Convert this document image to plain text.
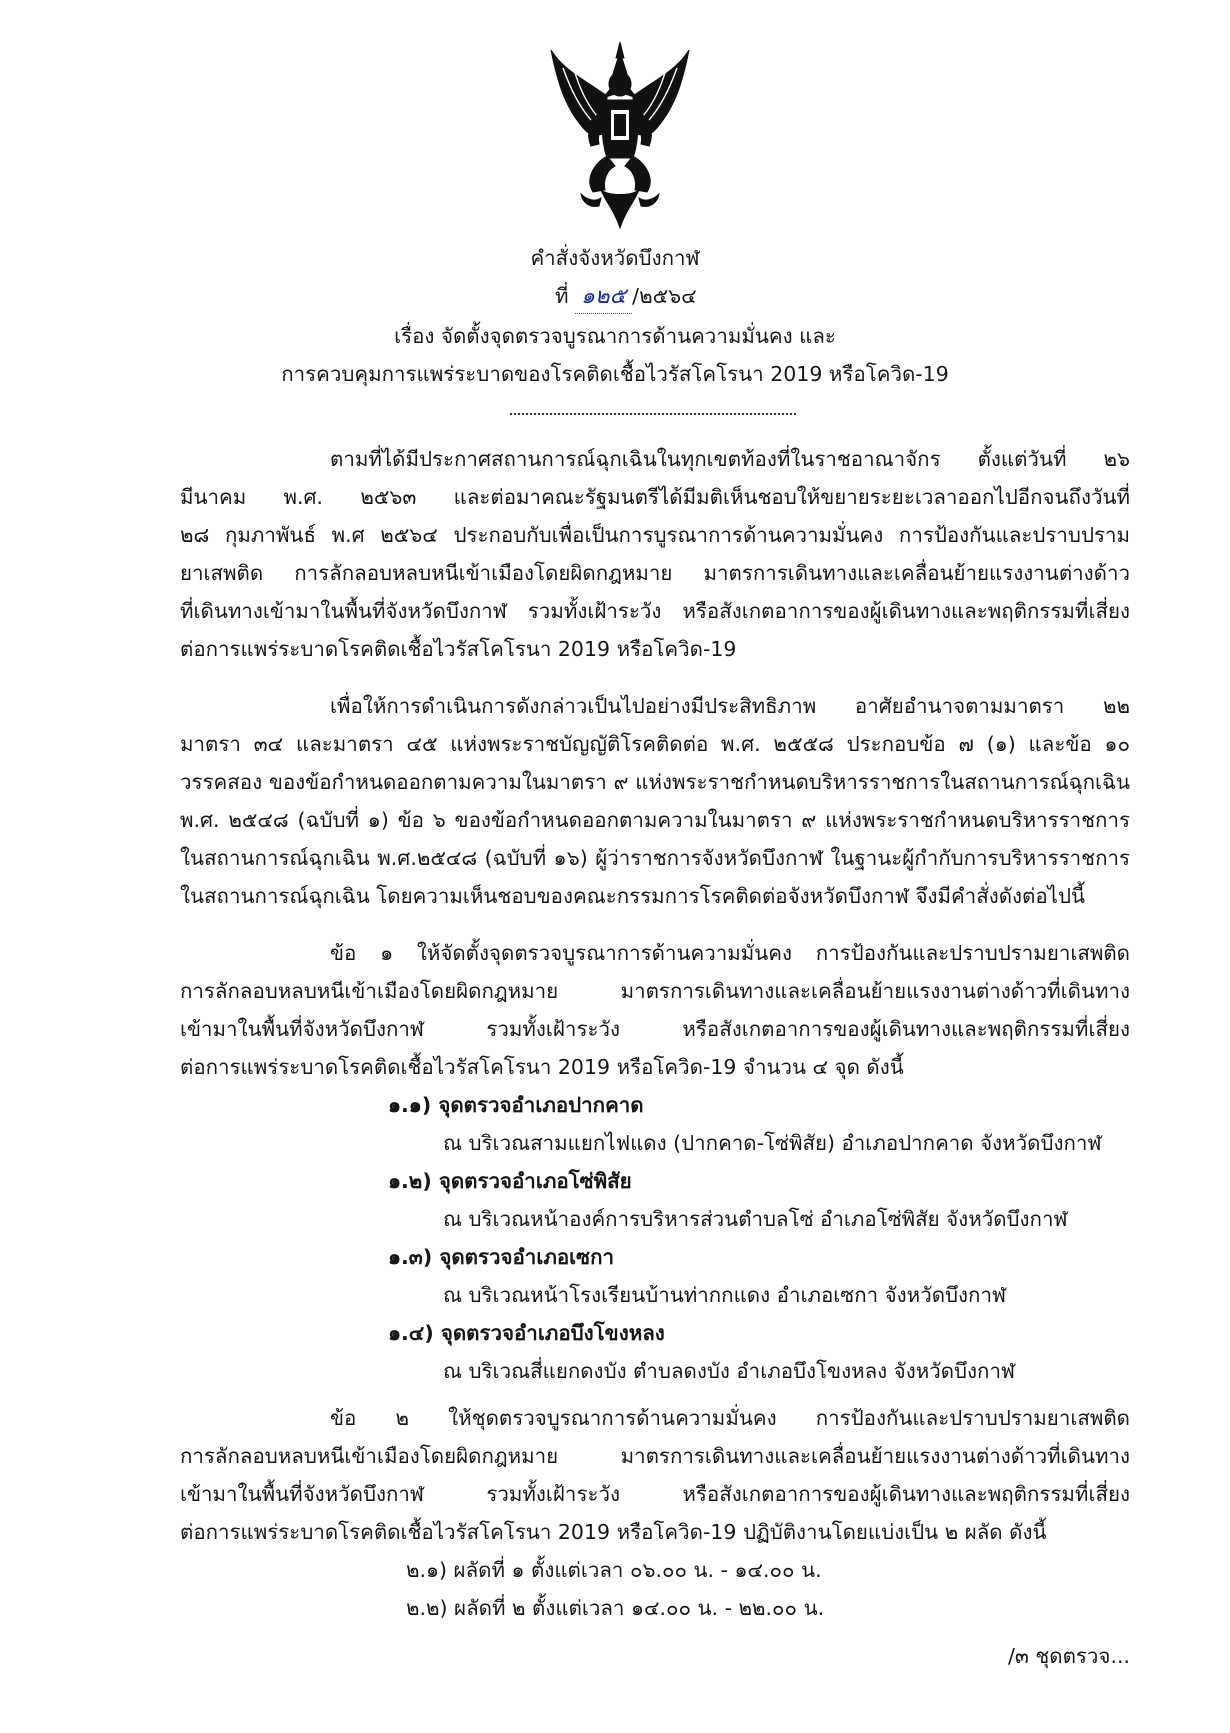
คำสั่งจังหวัดบึงกาฬ
ที่ ๑๒๕ /๒๕๖๔
เรื่อง จัดตั้งจุดตรวจบูรณาการด้านความมั่นคง และ
การควบคุมการแพร่ระบาดของโรคติดเชื้อไวรัสโคโรนา 2019 หรือโควิด-19
ตามที่ได้มีประกาศสถานการณ์ฉุกเฉินในทุกเขตท้องที่ในราชอาณาจักร ตั้งแต่วันที่ ๒๖
มีนาคม พ.ศ. ๒๕๖๓ และต่อมาคณะรัฐมนตรีได้มีมติเห็นชอบให้ขยายระยะเวลาออกไปอีกจนถึงวันที่
๒๘ กุมภาพันธ์ พ.ศ ๒๕๖๔ ประกอบกับเพื่อเป็นการบูรณาการด้านความมั่นคง การป้องกันและปราบปราม
ยาเสพติด การลักลอบหลบหนีเข้าเมืองโดยผิดกฎหมาย มาตรการเดินทางและเคลื่อนย้ายแรงงานต่างด้าว
ที่เดินทางเข้ามาในพื้นที่จังหวัดบึงกาฬ รวมทั้งเฝ้าระวัง หรือสังเกตอาการของผู้เดินทางและพฤติกรรมที่เสี่ยง
ต่อการแพร่ระบาดโรคติดเชื้อไวรัสโคโรนา 2019 หรือโควิด-19
เพื่อให้การดำเนินการดังกล่าวเป็นไปอย่างมีประสิทธิภาพ อาศัยอำนาจตามมาตรา ๒๒
มาตรา ๓๔ และมาตรา ๔๕ แห่งพระราชบัญญัติโรคติดต่อ พ.ศ. ๒๕๕๘ ประกอบข้อ ๗ (๑) และข้อ ๑๐
วรรคสอง ของข้อกำหนดออกตามความในมาตรา ๙ แห่งพระราชกำหนดบริหารราชการในสถานการณ์ฉุกเฉิน
พ.ศ. ๒๕๔๘ (ฉบับที่ ๑) ข้อ ๖ ของข้อกำหนดออกตามความในมาตรา ๙ แห่งพระราชกำหนดบริหารราชการ
ในสถานการณ์ฉุกเฉิน พ.ศ.๒๕๔๘ (ฉบับที่ ๑๖) ผู้ว่าราชการจังหวัดบึงกาฬ ในฐานะผู้กำกับการบริหารราชการ
ในสถานการณ์ฉุกเฉิน โดยความเห็นชอบของคณะกรรมการโรคติดต่อจังหวัดบึงกาฬ จึงมีคำสั่งดังต่อไปนี้
ข้อ ๑ ให้จัดตั้งจุดตรวจบูรณาการด้านความมั่นคง การป้องกันและปราบปรามยาเสพติด
การลักลอบหลบหนีเข้าเมืองโดยผิดกฎหมาย มาตรการเดินทางและเคลื่อนย้ายแรงงานต่างด้าวที่เดินทาง
เข้ามาในพื้นที่จังหวัดบึงกาฬ รวมทั้งเฝ้าระวัง หรือสังเกตอาการของผู้เดินทางและพฤติกรรมที่เสี่ยง
ต่อการแพร่ระบาดโรคติดเชื้อไวรัสโคโรนา 2019 หรือโควิด-19 จำนวน ๔ จุด ดังนี้
๑.๑) จุดตรวจอำเภอปากคาด
ณ บริเวณสามแยกไฟแดง (ปากคาด-โซ่พิสัย) อำเภอปากคาด จังหวัดบึงกาฬ
๑.๒) จุดตรวจอำเภอโซ่พิสัย
ณ บริเวณหน้าองค์การบริหารส่วนตำบลโซ่ อำเภอโซ่พิสัย จังหวัดบึงกาฬ
๑.๓) จุดตรวจอำเภอเซกา
ณ บริเวณหน้าโรงเรียนบ้านท่ากกแดง อำเภอเซกา จังหวัดบึงกาฬ
๑.๔) จุดตรวจอำเภอบึงโขงหลง
ณ บริเวณสี่แยกดงบัง ตำบลดงบัง อำเภอบึงโขงหลง จังหวัดบึงกาฬ
ข้อ ๒ ให้ชุดตรวจบูรณาการด้านความมั่นคง การป้องกันและปราบปรามยาเสพติด
การลักลอบหลบหนีเข้าเมืองโดยผิดกฎหมาย มาตรการเดินทางและเคลื่อนย้ายแรงงานต่างด้าวที่เดินทาง
เข้ามาในพื้นที่จังหวัดบึงกาฬ รวมทั้งเฝ้าระวัง หรือสังเกตอาการของผู้เดินทางและพฤติกรรมที่เสี่ยง
ต่อการแพร่ระบาดโรคติดเชื้อไวรัสโคโรนา 2019 หรือโควิด-19 ปฏิบัติงานโดยแบ่งเป็น ๒ ผลัด ดังนี้
๒.๑) ผลัดที่ ๑ ตั้งแต่เวลา ๐๖.๐๐ น. - ๑๔.๐๐ น.
๒.๒) ผลัดที่ ๒ ตั้งแต่เวลา ๑๔.๐๐ น. - ๒๒.๐๐ น.
/๓ ชุดตรวจ...
